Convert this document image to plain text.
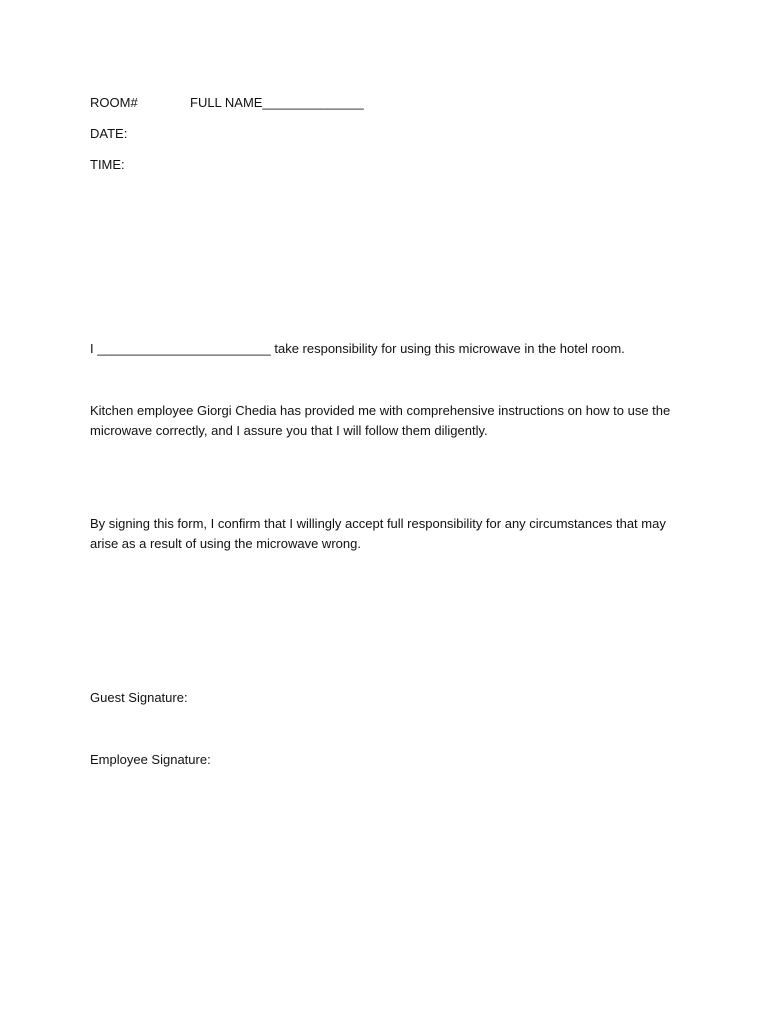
ROOM#	FULL NAME______________
DATE:
TIME:
I ________________________ take responsibility for using this microwave in the hotel room.
Kitchen employee Giorgi Chedia has provided me with comprehensive instructions on how to use the microwave correctly, and I assure you that I will follow them diligently.
By signing this form, I confirm that I willingly accept full responsibility for any circumstances that may arise as a result of using the microwave wrong.
Guest Signature:
Employee Signature:
